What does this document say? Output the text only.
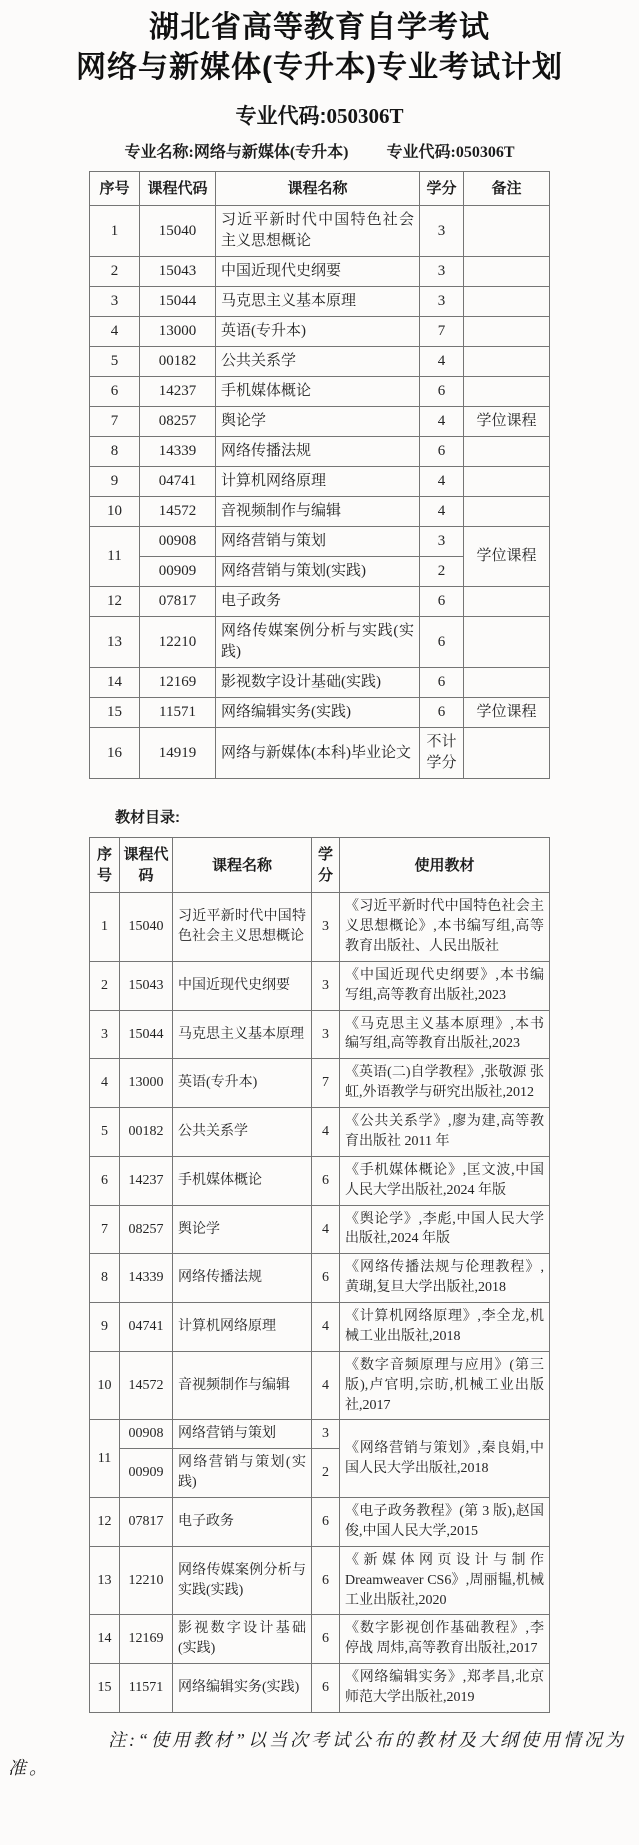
湖北省高等教育自学考试
网络与新媒体(专升本)专业考试计划
专业代码:050306T
专业名称:网络与新媒体(专升本) 专业代码:050306T
序号	课程代码	课程名称	学分	备注
1	15040	习近平新时代中国特色社会主义思想概论	3	
2	15043	中国近现代史纲要	3	
3	15044	马克思主义基本原理	3	
4	13000	英语(专升本)	7	
5	00182	公共关系学	4	
6	14237	手机媒体概论	6	
7	08257	舆论学	4	学位课程
8	14339	网络传播法规	6	
9	04741	计算机网络原理	4	
10	14572	音视频制作与编辑	4	
11	00908	网络营销与策划	3	学位课程
	00909	网络营销与策划(实践)	2	
12	07817	电子政务	6	
13	12210	网络传媒案例分析与实践(实践)	6	
14	12169	影视数字设计基础(实践)	6	
15	11571	网络编辑实务(实践)	6	学位课程
16	14919	网络与新媒体(本科)毕业论文	不计学分	
教材目录:
序号	课程代码	课程名称	学分	使用教材
1	15040	习近平新时代中国特色社会主义思想概论	3	《习近平新时代中国特色社会主义思想概论》,本书编写组,高等教育出版社、人民出版社
2	15043	中国近现代史纲要	3	《中国近现代史纲要》,本书编写组,高等教育出版社,2023
3	15044	马克思主义基本原理	3	《马克思主义基本原理》,本书编写组,高等教育出版社,2023
4	13000	英语(专升本)	7	《英语(二)自学教程》,张敬源 张虹,外语教学与研究出版社,2012
5	00182	公共关系学	4	《公共关系学》,廖为建,高等教育出版社 2011 年
6	14237	手机媒体概论	6	《手机媒体概论》,匡文波,中国人民大学出版社,2024 年版
7	08257	舆论学	4	《舆论学》,李彪,中国人民大学出版社,2024 年版
8	14339	网络传播法规	6	《网络传播法规与伦理教程》,黄瑚,复旦大学出版社,2018
9	04741	计算机网络原理	4	《计算机网络原理》,李全龙,机械工业出版社,2018
10	14572	音视频制作与编辑	4	《数字音频原理与应用》(第三版),卢官明,宗昉,机械工业出版社,2017
11	00908	网络营销与策划	3	《网络营销与策划》,秦良娟,中国人民大学出版社,2018
	00909	网络营销与策划(实践)	2	
12	07817	电子政务	6	《电子政务教程》(第 3 版),赵国俊,中国人民大学,2015
13	12210	网络传媒案例分析与实践(实践)	6	《新媒体网页设计与制作 Dreamweaver CS6》,周丽韫,机械工业出版社,2020
14	12169	影视数字设计基础(实践)	6	《数字影视创作基础教程》,李停战 周炜,高等教育出版社,2017
15	11571	网络编辑实务(实践)	6	《网络编辑实务》,郑孝昌,北京师范大学出版社,2019

注:“使用教材”以当次考试公布的教材及大纲使用情况为准。
